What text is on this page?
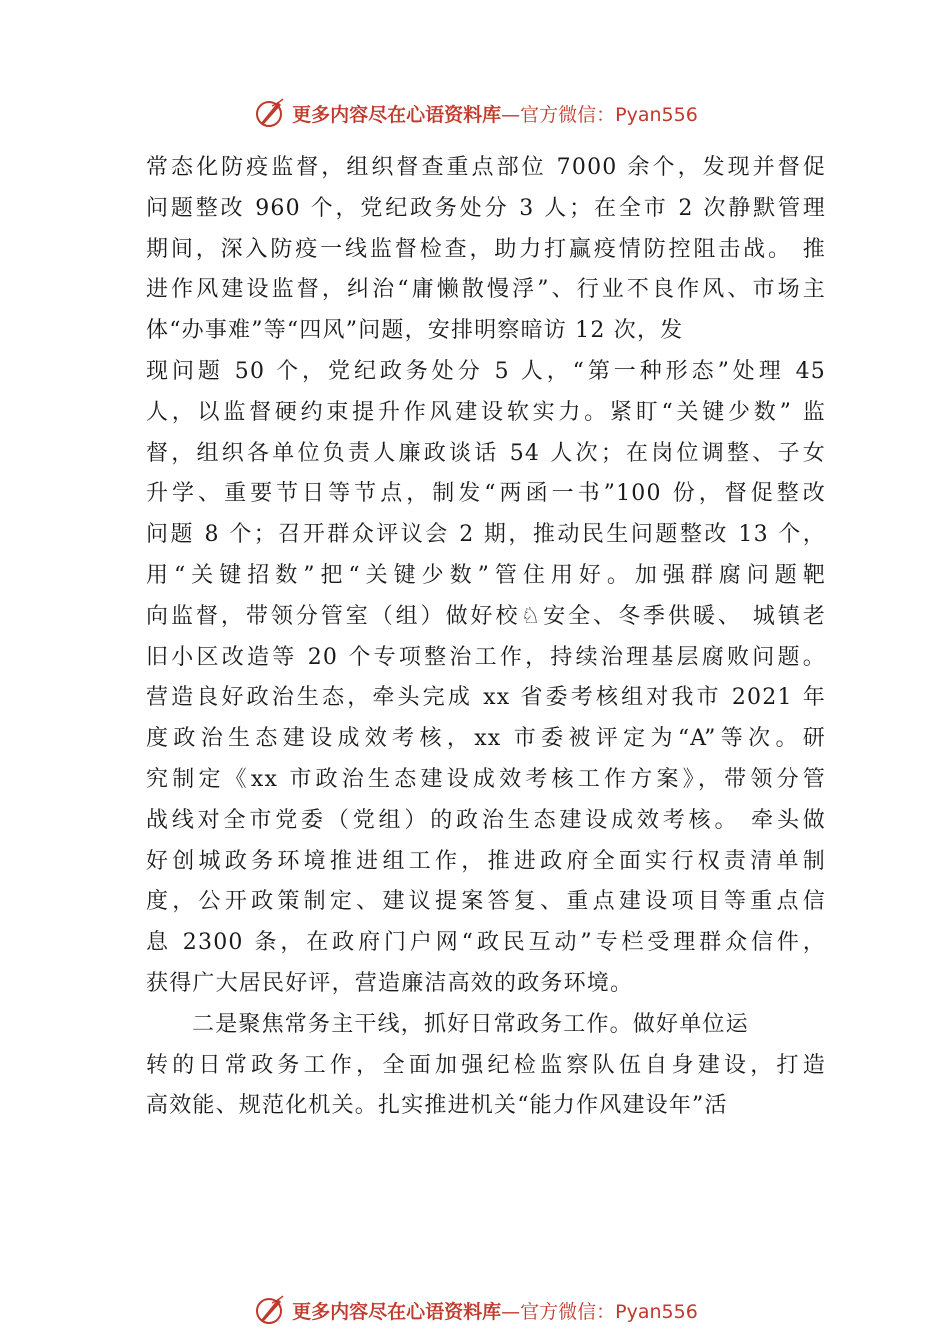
更多内容尽在心语资料库 —官方微信：Pyan556
常态化防疫监督，组织督查重点部位 7000 余个，发现并督促
问题整改 960 个，党纪政务处分 3 人；在全市 2 次静默管理
期间，深入防疫一线监督检查，助力打赢疫情防控阻击战。 推
进作风建设监督，纠治“庸懒散慢浮”、行业不良作风、市场主
体“办事难”等“四风”问题，安排明察暗访 12 次，发
现问题 50 个，党纪政务处分 5 人，“第一种形态”处理 45
人，以监督硬约束提升作风建设软实力。紧盯“关键少数” 监
督，组织各单位负责人廉政谈话 54 人次；在岗位调整、子女
升学、重要节日等节点，制发“两函一书”100 份，督促整改
问题 8 个；召开群众评议会 2 期，推动民生问题整改 13 个，
用“关键招数”把“关键少数”管住用好。加强群腐问题靶
向监督，带领分管室（组）做好校♘安全、冬季供暖、 城镇老
旧小区改造等 20 个专项整治工作，持续治理基层腐败问题。
营造良好政治生态，牵头完成 xx 省委考核组对我市 2021 年
度政治生态建设成效考核，xx 市委被评定为“A”等次。研
究制定《xx 市政治生态建设成效考核工作方案》，带领分管
战线对全市党委（党组）的政治生态建设成效考核。 牵头做
好创城政务环境推进组工作，推进政府全面实行权责清单制
度，公开政策制定、建议提案答复、重点建设项目等重点信
息 2300 条，在政府门户网“政民互动”专栏受理群众信件，
获得广大居民好评，营造廉洁高效的政务环境。
二是聚焦常务主干线，抓好日常政务工作。做好单位运
转的日常政务工作，全面加强纪检监察队伍自身建设，打造
高效能、规范化机关。扎实推进机关“能力作风建设年”活
更多内容尽在心语资料库 —官方微信：Pyan556
